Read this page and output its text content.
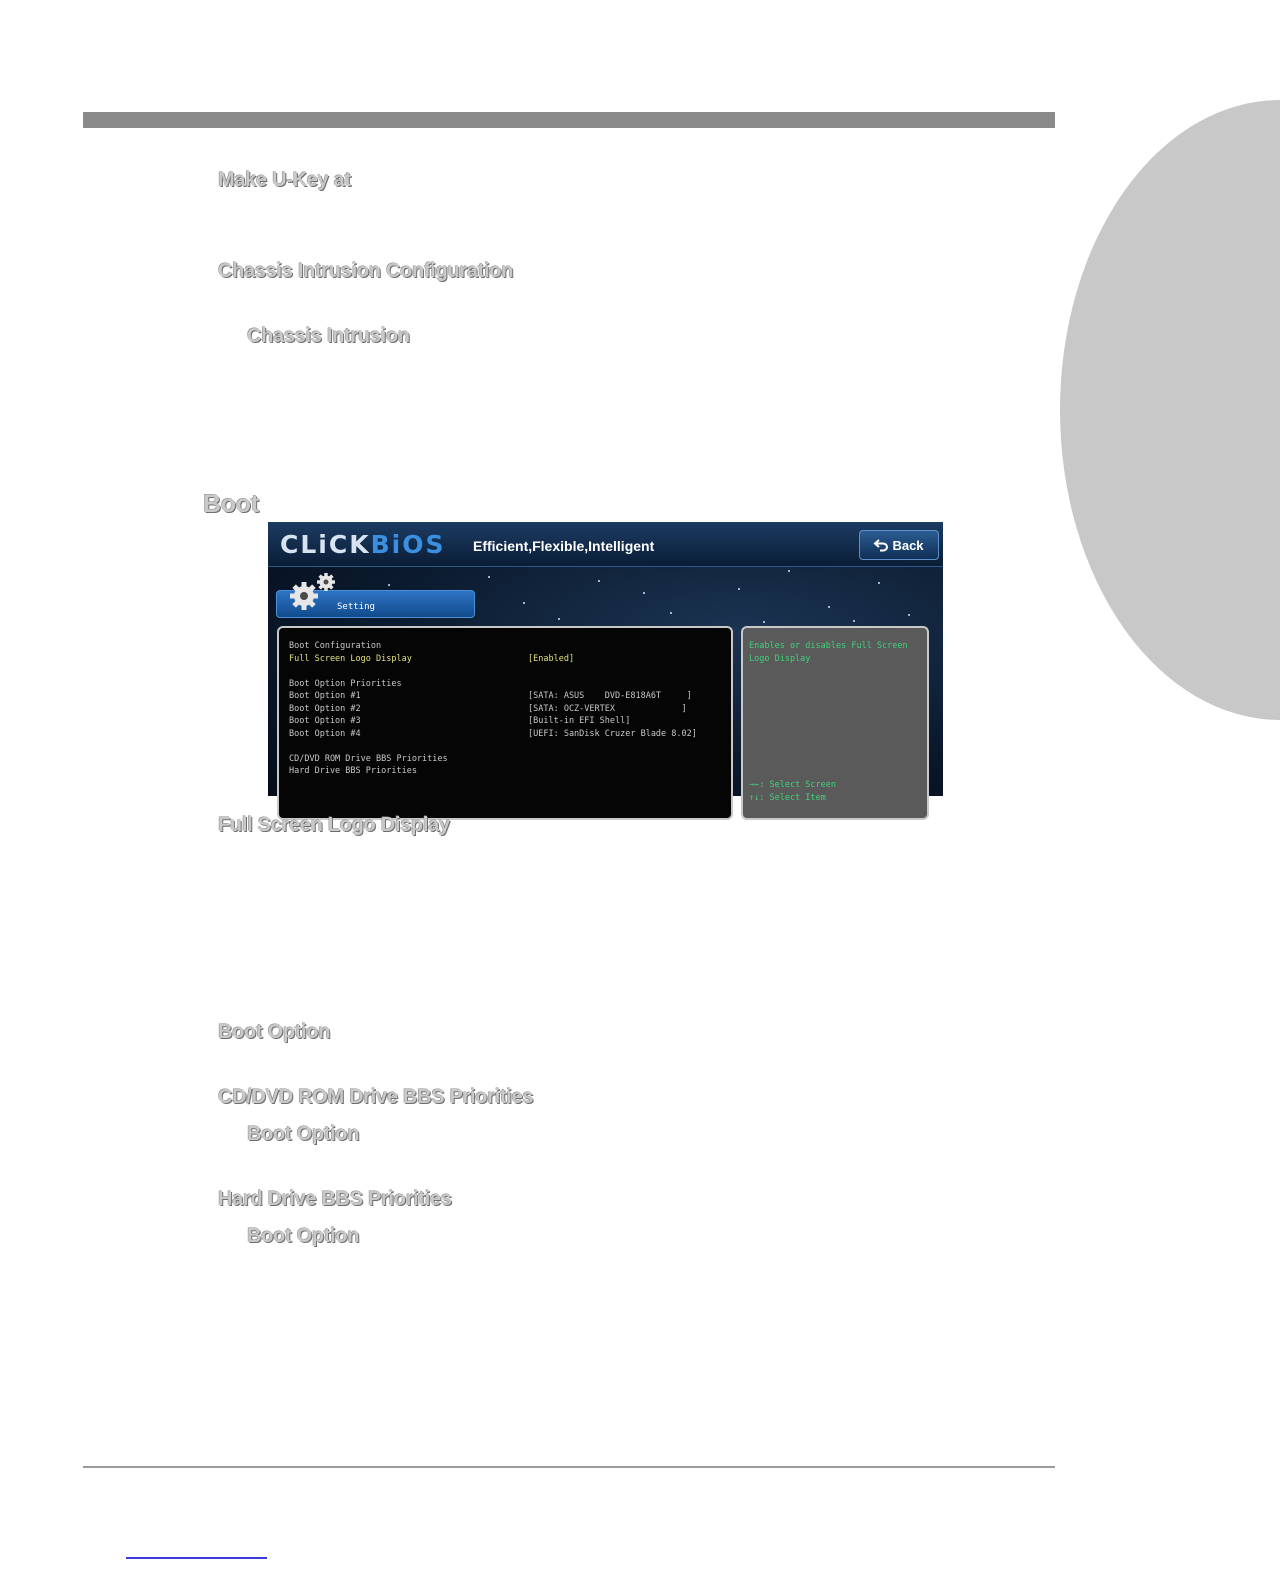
Make U-Key at
Chassis Intrusion Configuration
Chassis Intrusion
Boot
CLiCKBiOS Efficient,Flexible,Intelligent	Back
Setting
Boot Configuration
Full Screen Logo Display	[Enabled]
Boot Option Priorities
Boot Option #1	[SATA: ASUS    DVD-E818A6T     ]
Boot Option #2	[SATA: OCZ-VERTEX             ]
Boot Option #3	[Built-in EFI Shell]
Boot Option #4	[UEFI: SanDisk Cruzer Blade 8.02]
CD/DVD ROM Drive BBS Priorities
Hard Drive BBS Priorities
Enables or disables Full Screen Logo Display
→←: Select Screen
↑↓: Select Item
Full Screen Logo Display
Boot Option
CD/DVD ROM Drive BBS Priorities
Boot Option
Hard Drive BBS Priorities
Boot Option
